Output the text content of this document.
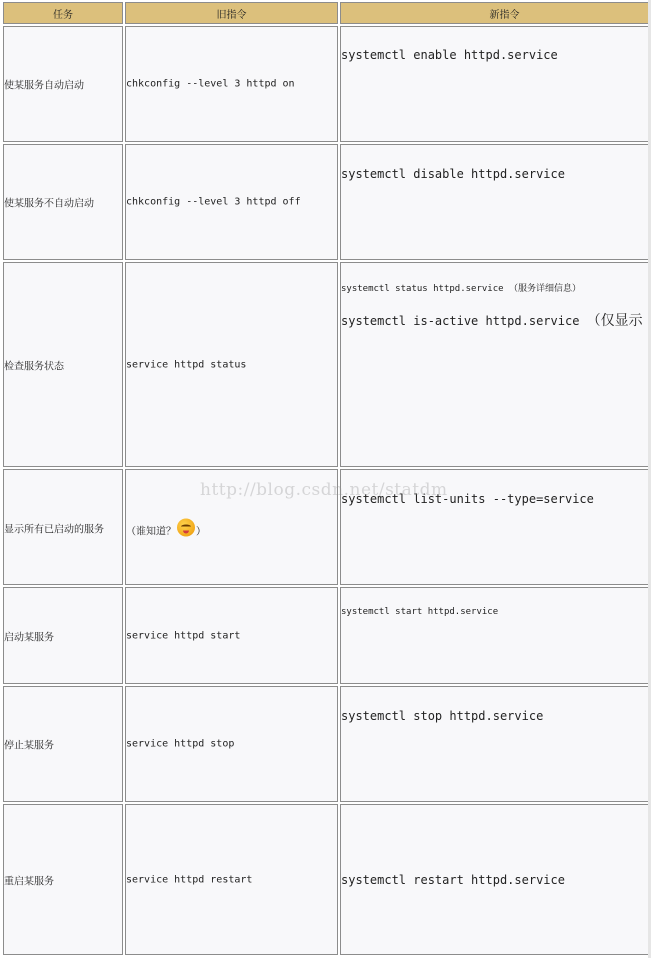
任务	旧指令	新指令

使某服务自动启动	chkconfig --level 3 httpd on	systemctl enable httpd.service

使某服务不自动启动	chkconfig --level 3 httpd off	systemctl disable httpd.service

检查服务状态	service httpd status	systemctl status httpd.service （服务详细信息）
systemctl is-active httpd.service （仅显示

显示所有已启动的服务	（谁知道？ ）	systemctl list-units --type=service

启动某服务	service httpd start	systemctl start httpd.service

停止某服务	service httpd stop	systemctl stop httpd.service

重启某服务	service httpd restart	systemctl restart httpd.service
http://blog.csdn.net/statdm
